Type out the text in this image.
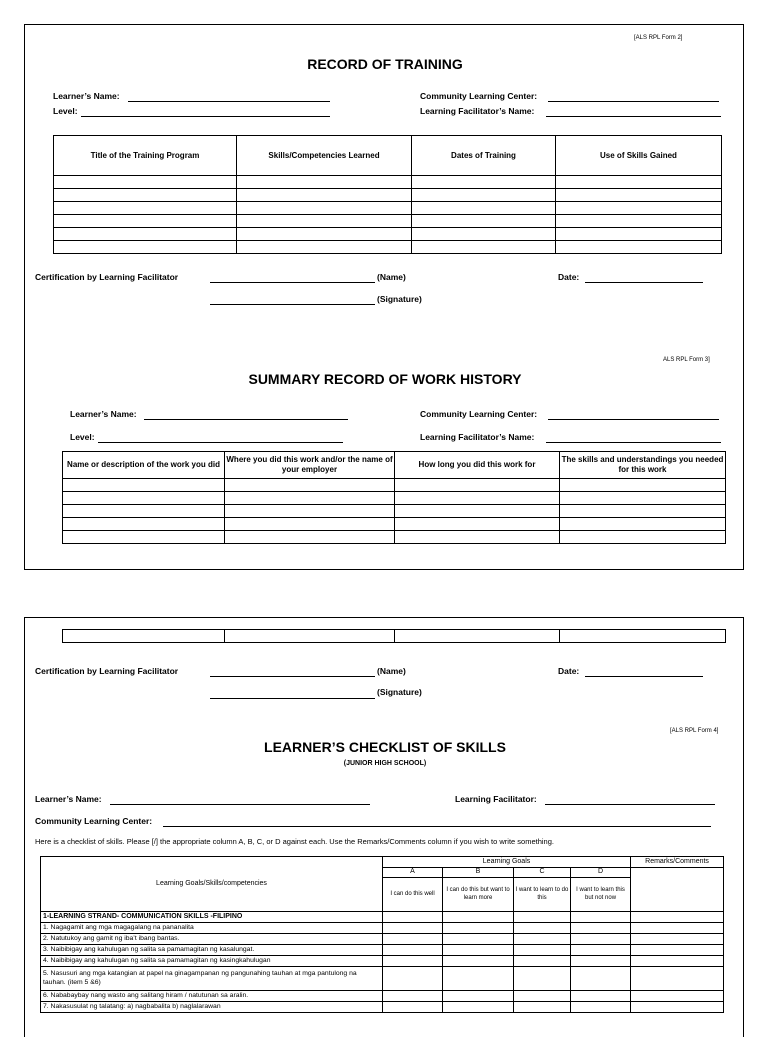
[ALS RPL Form 2]
RECORD OF TRAINING
Learner’s Name:
Level:
Community Learning Center:
Learning Facilitator’s Name:
Title of the Training Program	Skills/Competencies Learned	Dates of Training	Use of Skills Gained

Certification by Learning Facilitator	(Name)	Date:
(Signature)
ALS RPL Form 3]
SUMMARY RECORD OF WORK HISTORY
Learner’s Name:
Level:
Community Learning Center:
Learning Facilitator’s Name:
Name or description of the work you did	Where you did this work and/or the name of your employer	How long you did this work for	The skills and understandings you needed for this work

Certification by Learning Facilitator	(Name)	Date:
(Signature)
[ALS RPL Form 4]
LEARNER’S CHECKLIST OF SKILLS
(JUNIOR HIGH SCHOOL)
Learner’s Name:	Learning Facilitator:
Community Learning Center:
Here is a checklist of skills. Please [/] the appropriate column A, B, C, or D against each. Use the Remarks/Comments column if you wish to write something.
Learning Goals/Skills/competencies	Learning Goals				Remarks/Comments
	A	B	C	D	
	I can do this well	I can do this but want to learn more	I want to learn to do this	I want to learn this but not now	
1-LEARNING STRAND- COMMUNICATION SKILLS -FILIPINO					
1. Nagagamit ang mga magagalang na pananalita					
2. Natutukoy ang gamit ng iba’t ibang bantas.					
3. Naibibigay ang kahulugan ng salita sa pamamagitan ng kasalungat.					
4. Naibibigay ang kahulugan ng salita sa pamamagitan ng kasingkahulugan					
5. Nasusuri ang mga katangian at papel na ginagampanan ng pangunahing tauhan at mga pantulong na tauhan. (item 5 &6)					
6. Nababaybay nang wasto ang salitang hiram / natutunan sa aralin.					
7. Nakasusulat ng talatang: a) nagbabalita b) naglalarawan					
